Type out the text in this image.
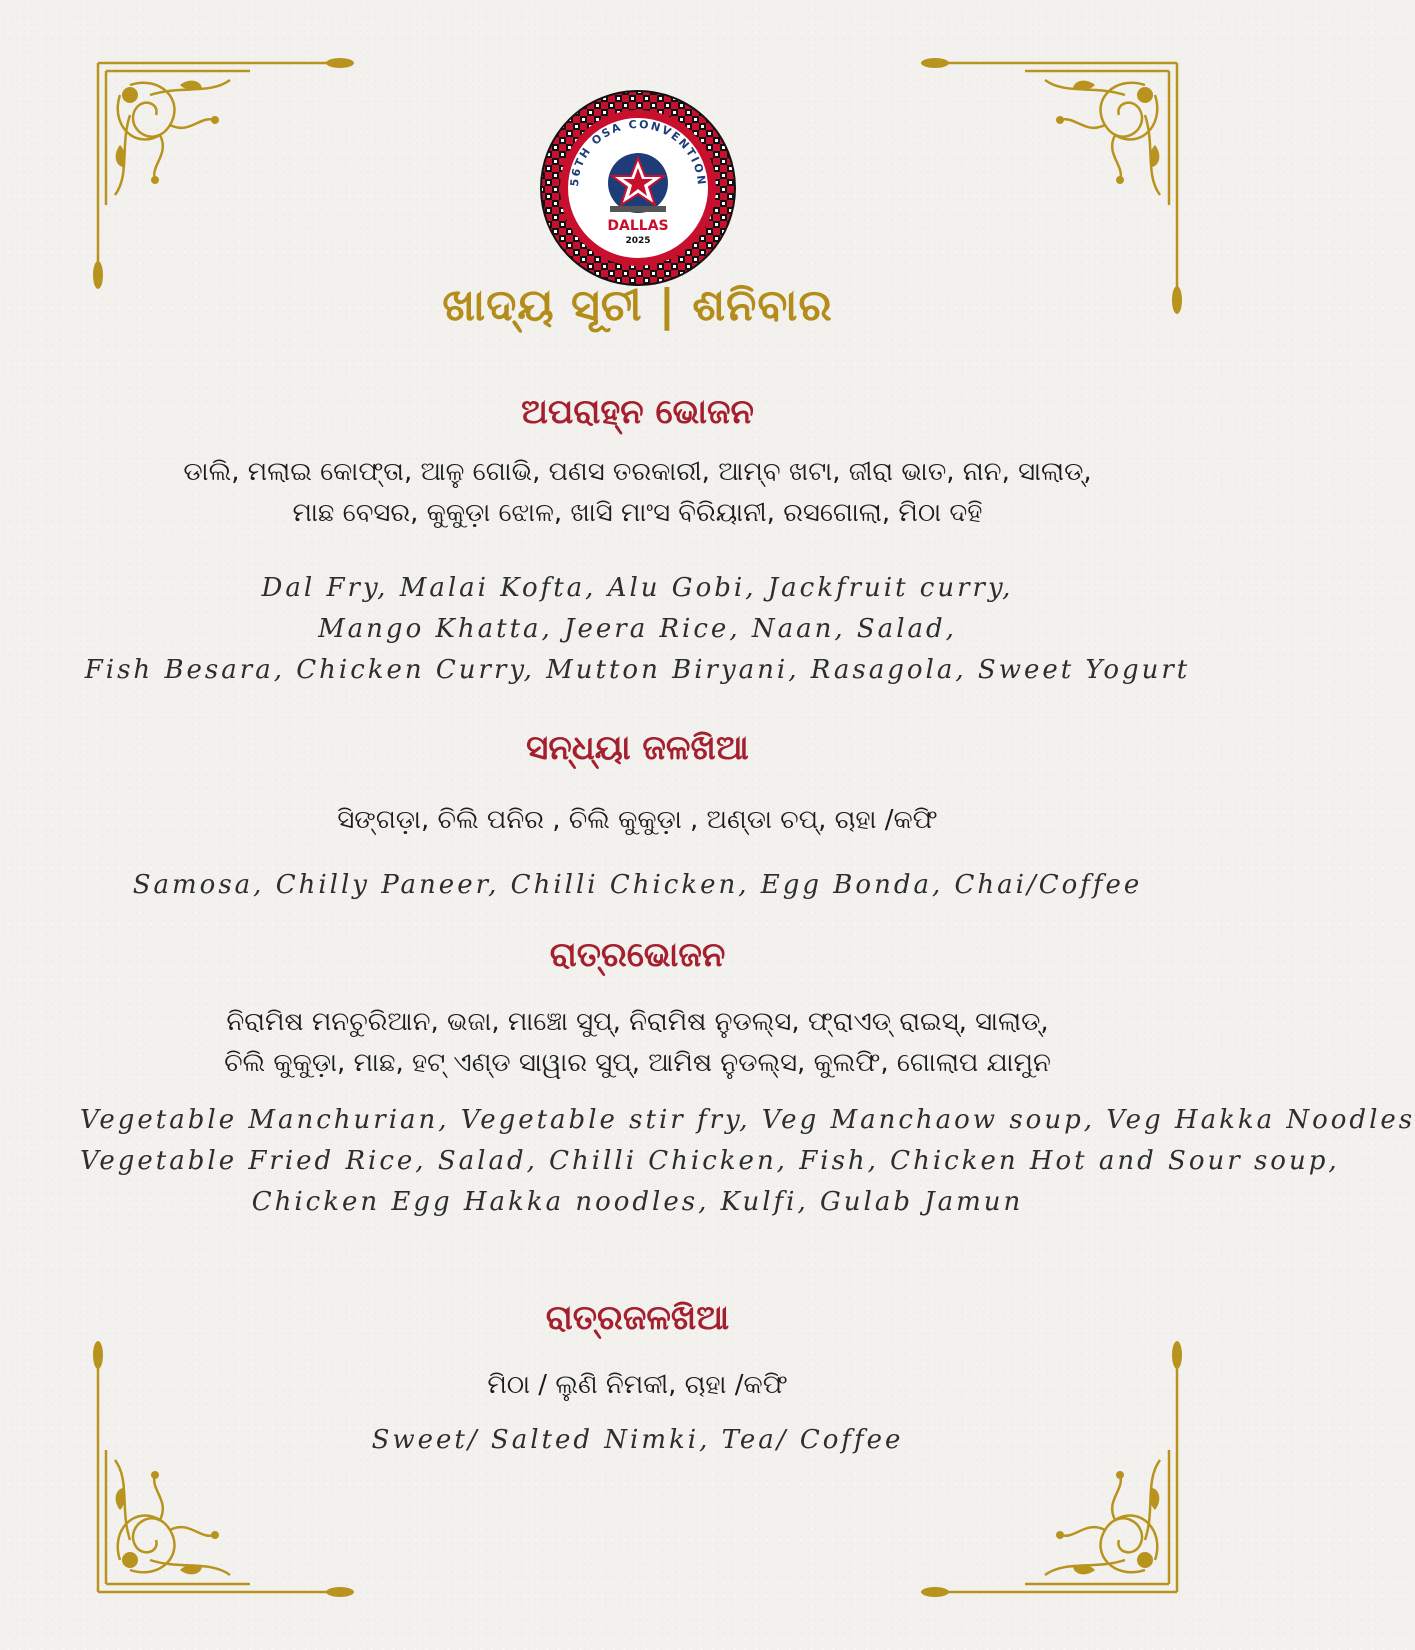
56TH OSA CONVENTION
DALLAS
2025
ଖାଦ୍ୟ ସୂଚୀ | ଶନିବାର
ଅପରାହ୍ନ ଭୋଜନ
ଡାଲି, ମଲାଇ କୋଫ୍ତା, ଆଳୁ ଗୋଭି, ପଣସ ତରକାରୀ, ଆମ୍ବ ଖଟା, ଜୀରା ଭାତ, ନାନ, ସାଲାଡ୍,
ମାଛ ବେସର, କୁକୁଡ଼ା ଝୋଳ, ଖାସି ମାଂସ ବିରିୟାନୀ, ରସଗୋଲା, ମିଠା ଦହି
Dal Fry, Malai Kofta, Alu Gobi, Jackfruit curry,
Mango Khatta, Jeera Rice, Naan, Salad,
Fish Besara, Chicken Curry, Mutton Biryani, Rasagola, Sweet Yogurt
ସନ୍ଧ୍ୟା ଜଳଖିଆ
ସିଙ୍ଗଡ଼ା, ଚିଲି ପନିର , ଚିଲି କୁକୁଡ଼ା , ଅଣ୍ଡା ଚପ୍, ଚାହା /କଫି
Samosa, Chilly Paneer, Chilli Chicken, Egg Bonda, Chai/Coffee
ରାତ୍ରଭୋଜନ
ନିରାମିଷ ମନଚୁରିଆନ, ଭଜା, ମାଞ୍ଚୋ ସୁପ୍, ନିରାମିଷ ନୁଡଲ୍ସ, ଫ୍ରାଏଡ୍ ରାଇସ୍, ସାଲାଡ୍,
ଚିଲି କୁକୁଡ଼ା, ମାଛ, ହଟ୍ ଏଣ୍ଡ ସାୱାର ସୁପ୍, ଆମିଷ ନୁଡଲ୍ସ, କୁଲଫି, ଗୋଲାପ ଯାମୁନ
Vegetable Manchurian, Vegetable stir fry, Veg Manchaow soup, Veg Hakka Noodles
Vegetable Fried Rice, Salad, Chilli Chicken, Fish, Chicken Hot and Sour soup,
Chicken Egg Hakka noodles, Kulfi, Gulab Jamun
ରାତ୍ରଜଳଖିଆ
ମିଠା / ଲୁଣି ନିମକୀ, ଚାହା /କଫି
Sweet/ Salted Nimki, Tea/ Coffee
